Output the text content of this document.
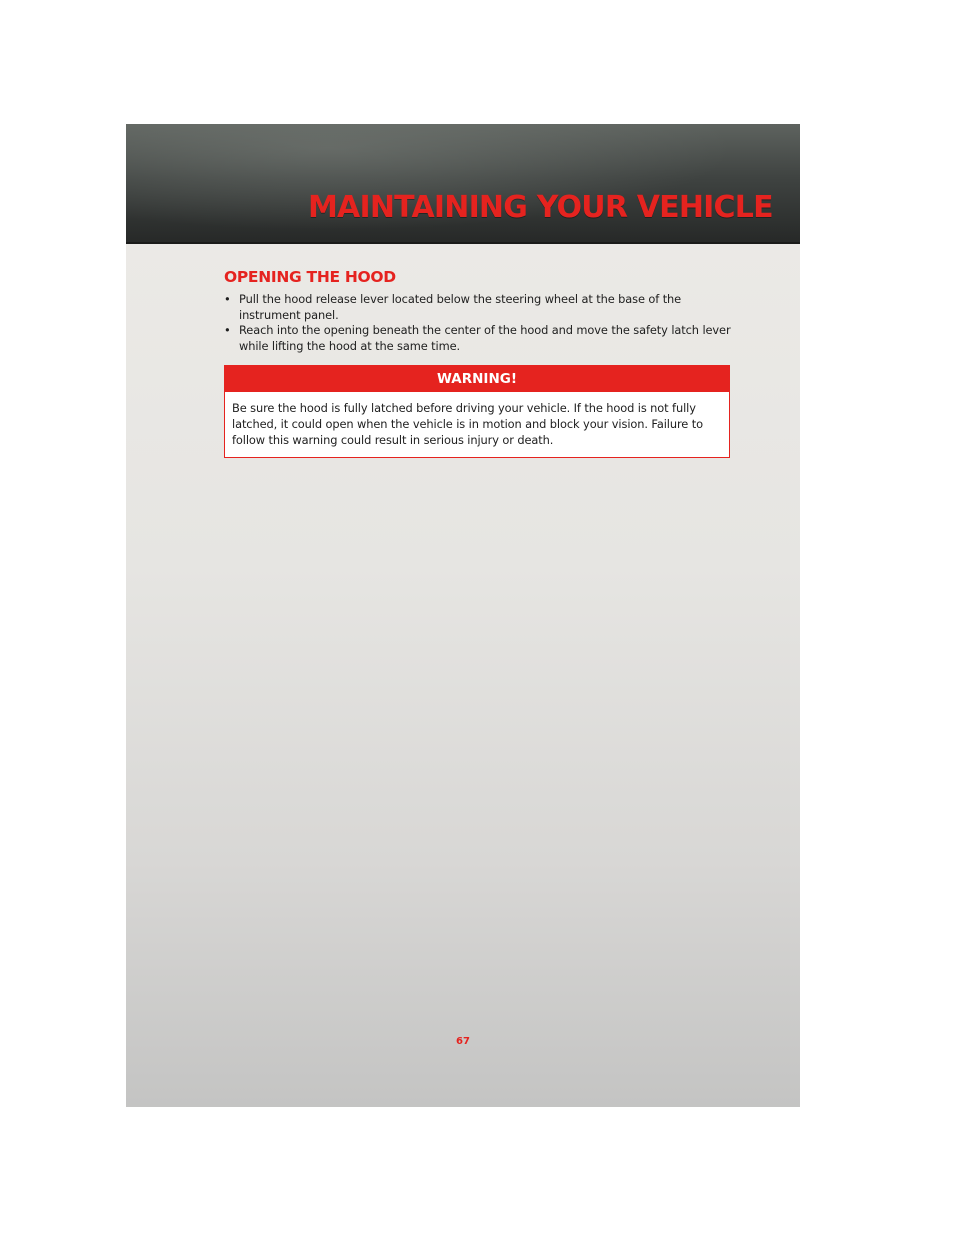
MAINTAINING YOUR VEHICLE
OPENING THE HOOD
• Pull the hood release lever located below the steering wheel at the base of the instrument panel.
• Reach into the opening beneath the center of the hood and move the safety latch lever while lifting the hood at the same time.
WARNING!

Be sure the hood is fully latched before driving your vehicle. If the hood is not fully latched, it could open when the vehicle is in motion and block your vision. Failure to follow this warning could result in serious injury or death.

67
